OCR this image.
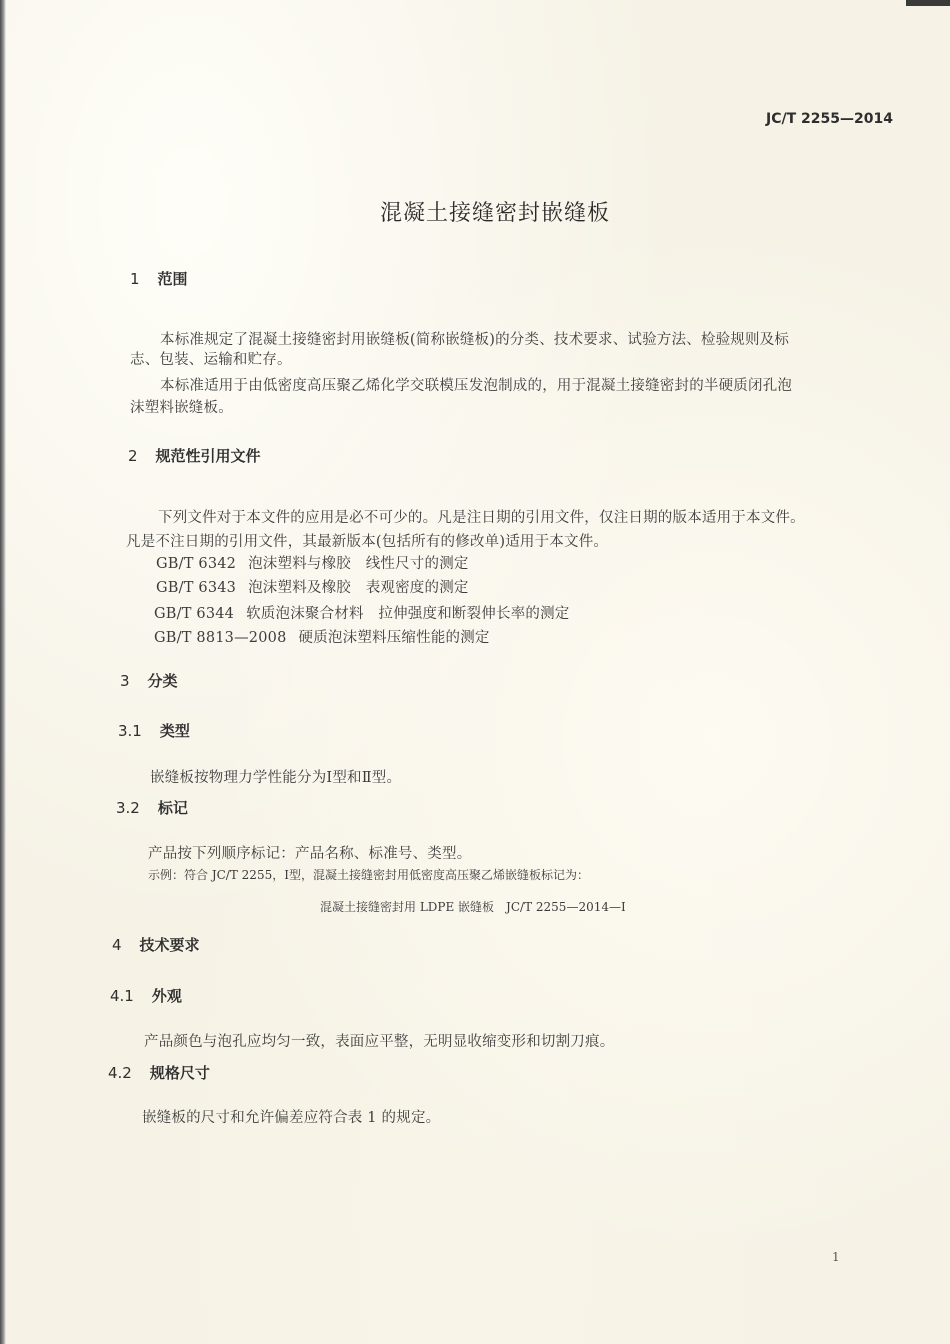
JC/T 2255—2014

混凝土接缝密封嵌缝板
1 范围

本标准规定了混凝土接缝密封用嵌缝板(简称嵌缝板)的分类、技术要求、试验方法、检验规则及标

志、包装、运输和贮存。

本标准适用于由低密度高压聚乙烯化学交联模压发泡制成的，用于混凝土接缝密封的半硬质闭孔泡

沫塑料嵌缝板。

2 规范性引用文件

下列文件对于本文件的应用是必不可少的。凡是注日期的引用文件，仅注日期的版本适用于本文件。

凡是不注日期的引用文件，其最新版本(包括所有的修改单)适用于本文件。

GB/T 6342 泡沫塑料与橡胶　线性尺寸的测定
GB/T 6343 泡沫塑料及橡胶　表观密度的测定
GB/T 6344 软质泡沫聚合材料　拉伸强度和断裂伸长率的测定
GB/T 8813—2008 硬质泡沫塑料压缩性能的测定
3 分类
3.1 类型

嵌缝板按物理力学性能分为Ⅰ型和Ⅱ型。

3.2 标记

产品按下列顺序标记：产品名称、标准号、类型。

示例：符合 JC/T 2255，Ⅰ型，混凝土接缝密封用低密度高压聚乙烯嵌缝板标记为：

混凝土接缝密封用 LDPE 嵌缝板　JC/T 2255—2014—Ⅰ

4 技术要求
4.1 外观

产品颜色与泡孔应均匀一致，表面应平整，无明显收缩变形和切割刀痕。

4.2 规格尺寸

嵌缝板的尺寸和允许偏差应符合表 1 的规定。

1
